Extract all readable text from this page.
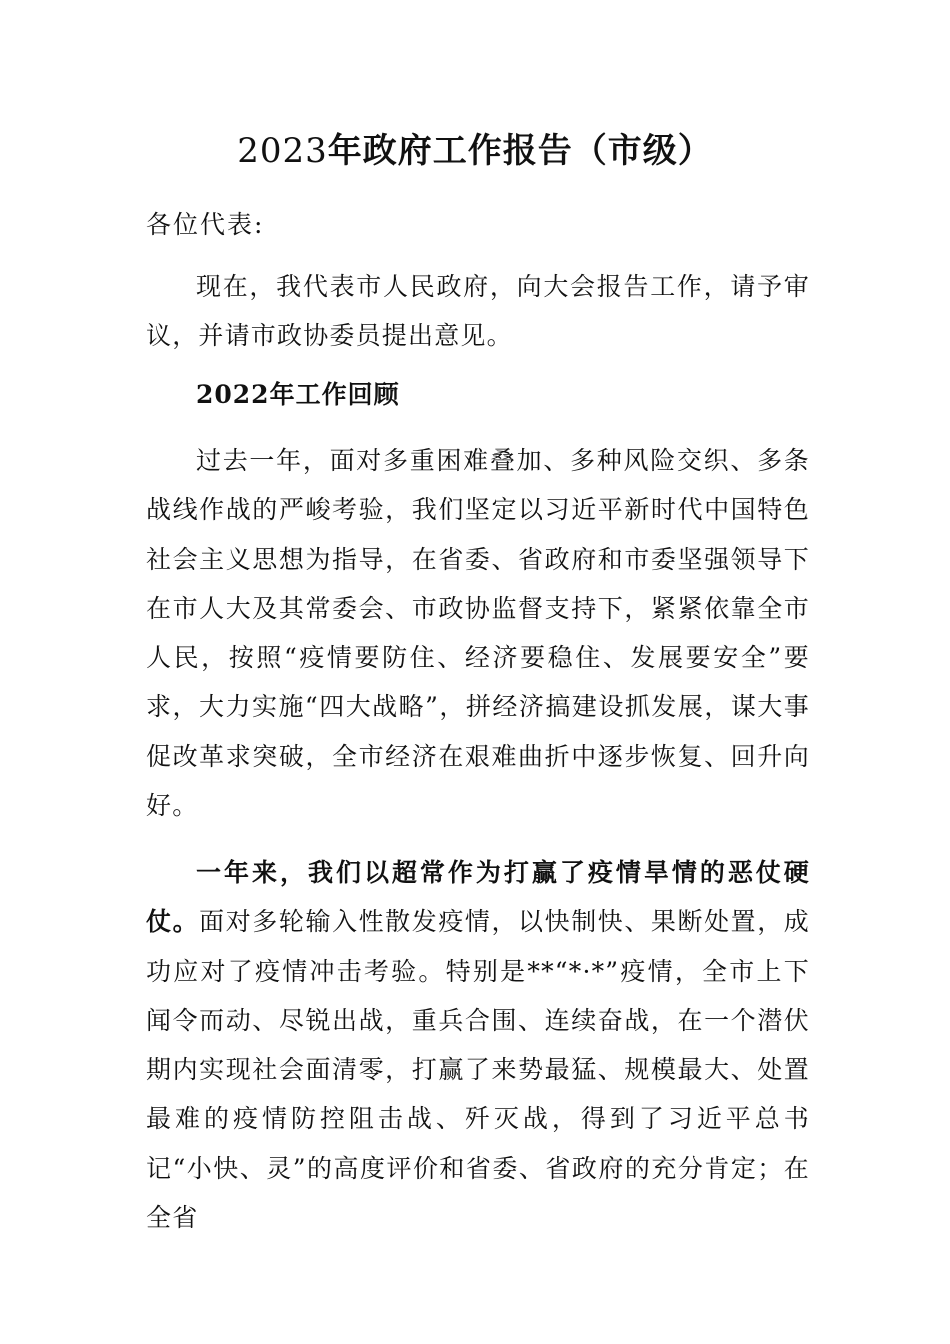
2023年政府工作报告（市级）
各位代表:

现在，我代表市人民政府，向大会报告工作，请予审议，并请市政协委员提出意见。

2022年工作回顾

过去一年，面对多重困难叠加、多种风险交织、多条战线作战的严峻考验，我们坚定以习近平新时代中国特色社会主义思想为指导，在省委、省政府和市委坚强领导下在市人大及其常委会、市政协监督支持下，紧紧依靠全市人民，按照“疫情要防住、经济要稳住、发展要安全”要求，大力实施“四大战略”，拼经济搞建设抓发展，谋大事促改革求突破，全市经济在艰难曲折中逐步恢复、回升向好。

一年来，我们以超常作为打赢了疫情旱情的恶仗硬仗。面对多轮输入性散发疫情，以快制快、果断处置，成功应对了疫情冲击考验。特别是**“*·*”疫情，全市上下闻令而动、尽锐出战，重兵合围、连续奋战，在一个潜伏期内实现社会面清零，打赢了来势最猛、规模最大、处置最难的疫情防控阻击战、歼灭战，得到了习近平总书记“小快、灵”的高度评价和省委、省政府的充分肯定；在全省
